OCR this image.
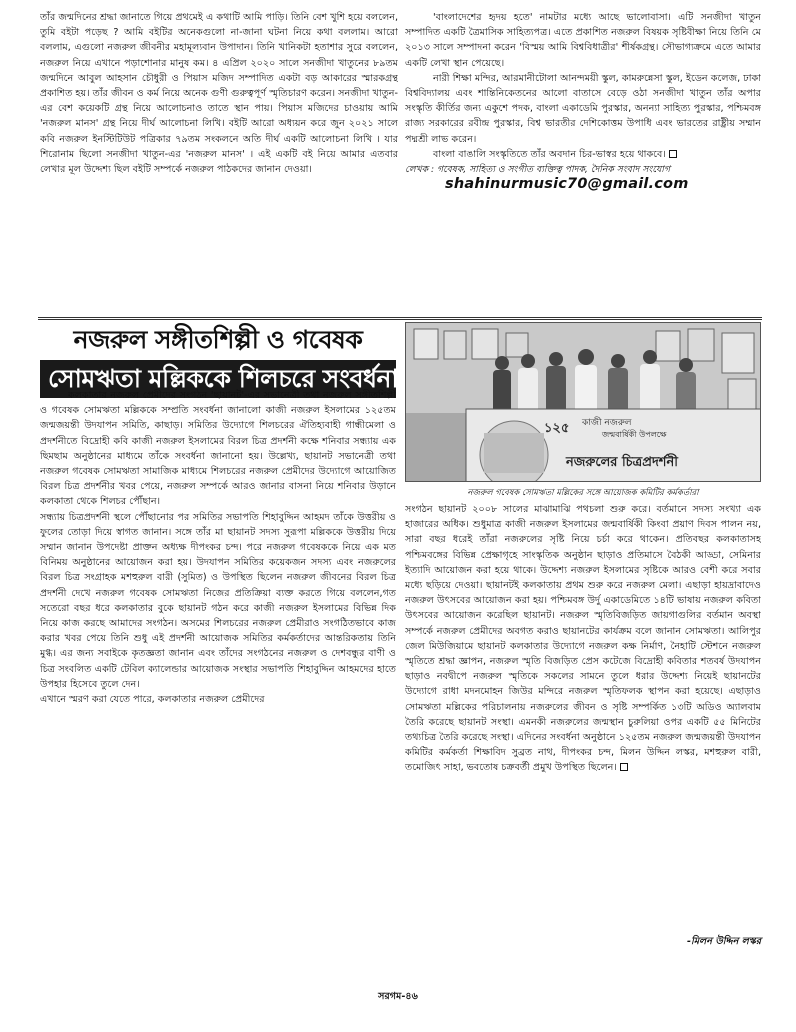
তাঁর জন্মদিনের শ্রদ্ধা জানাতে গিয়ে প্রথমেই এ কথাটি আমি পাড়ি। তিনি বেশ খুশি হয়ে বললেন, তুমি বইটা পড়েছ ? আমি বইটির অনেকগুলো না-জানা ঘটনা নিয়ে কথা বললাম। আরো বললাম, এগুলো নজরুল জীবনীর মহামূল্যবান উপাদান। তিনি খানিকটা হতাশার সুরে বললেন, নজরুল নিয়ে এখানে পড়াশোনার মানুষ কম। ৪ এপ্রিল ২০২০ সালে সনজীদা খাতুনের ৮৯তম জন্মদিনে আবুল আহসান চৌধুরী ও পিয়াস মজিদ সম্পাদিত একটা বড় আকারের স্মারকগ্রন্থ প্রকাশিত হয়। তাঁর জীবন ও কর্ম নিয়ে অনেক গুণী গুরুত্বপূর্ণ স্মৃতিচারণ করেন। সনজীদা খাতুন-এর বেশ কয়েকটি গ্রন্থ নিয়ে আলোচনাও তাতে স্থান পায়। পিয়াস মজিদের চাওয়ায় আমি 'নজরুল মানস' গ্রন্থ নিয়ে দীর্ঘ আলোচনা লিখি। বইটি আরো অধ্যয়ন করে জুন ২০২১ সালে কবি নজরুল ইনস্টিটিউট পত্রিকার ৭৯তম সংকলনে অতি দীর্ঘ একটি আলোচনা লিখি । যার শিরোনাম ছিলো সনজীদা খাতুন-এর 'নজরুল মানস' । এই একটি বই নিয়ে আমার এতবার লেখার মূল উদ্দেশ্য ছিল বইটি সম্পর্কে নজরুল পাঠকদের জানান দেওয়া।

'বাংলাদেশের হৃদয় হতে' নামটার মধ্যে আছে ভালোবাসা। এটি সনজীদা খাতুন সম্পাদিত একটি ত্রৈমাসিক সাহিত্যপত্র। এতে প্রকাশিত নজরুল বিষয়ক সৃষ্টিবীক্ষা নিয়ে তিনি মে ২০১৩ সালে সম্পাদনা করেন 'বিস্ময় আমি বিশ্ববিধাত্রীর' শীর্ষকগ্রন্থ। সৌভাগ্যক্রমে এতে আমার একটি লেখা স্থান পেয়েছে।

নারী শিক্ষা মন্দির, আরমানীটোলা আনন্দময়ী স্কুল, কামরুন্নেসা স্কুল, ইডেন কলেজ, ঢাকা বিশ্ববিদ্যালয় এবং শান্তিনিকেতনের আলো বাতাসে বেড়ে ওঠা সনজীদা খাতুন তাঁর অপার সংস্কৃতি কীর্তির জন্য একুশে পদক, বাংলা একাডেমি পুরস্কার, অনন্যা সাহিত্য পুরস্কার, পশ্চিমবঙ্গ রাজ্য সরকারের রবীন্দ্র পুরস্কার, বিশ্ব ভারতীর দেশিকোত্তম উপাধি এবং ভারতের রাষ্ট্রীয় সম্মান পদ্মশ্রী লাভ করেন।

বাংলা বাঙালি সংস্কৃতিতে তাঁর অবদান চির-ভাস্বর হয়ে থাকবে।

লেখক : গবেষক, সাহিত্য ও সংগীত ব্যক্তিত্ব পাদক, দৈনিক সংবাদ সংযোগ

shahinurmusic70@gmail.com

নজরুল সঙ্গীতশিল্পী ও গবেষক
সোমঋতা মল্লিককে শিলচরে সংবর্ধনা
১২৫ কাজী নজরুল
জন্মবার্ষিকী উপলক্ষে
নজরুলের চিত্রপ্রদর্শনী
নজরুল গবেষক সোমঋতা মল্লিকের সঙ্গে আয়োজক কমিটির কর্মকর্তারা

কলকাতার নজরুল প্রেমীদের সংগঠন 'ছায়ানট'-এর সভানেত্রী তথা নজরুল সঙ্গীতশিল্পী ও গবেষক সোমঋতা মল্লিককে সম্প্রতি সংবর্ধনা জানালো কাজী নজরুল ইসলামের ১২৫তম জন্মজয়ন্তী উদযাপন সমিতি, কাছাড়। সমিতির উদ্যোগে শিলচরের ঐতিহ্যবাহী গান্ধীমেলা ও প্রদর্শনীতে বিদ্রোহী কবি কাজী নজরুল ইসলামের বিরল চিত্র প্রদর্শনী কক্ষে শনিবার সন্ধ্যায় এক ছিমছাম অনুষ্ঠানের মাধ্যমে তাঁকে সংবর্ধনা জানানো হয়। উল্লেখ্য, ছায়ানট সভানেত্রী তথা নজরুল গবেষক সোমঋতা সামাজিক মাধ্যমে শিলচরের নজরুল প্রেমীদের উদ্যোগে আয়োজিত বিরল চিত্র প্রদর্শনীর খবর পেয়ে, নজরুল সম্পর্কে আরও জানার বাসনা নিয়ে শনিবার উড়ানে কলকাতা থেকে শিলচর পৌঁছান।

সন্ধ্যায় চিত্রপ্রদর্শনী স্থলে পৌঁছানোর পর সমিতির সভাপতি শিহাবুদ্দিন আহমদ তাঁকে উত্তরীয় ও ফুলের তোড়া দিয়ে স্বাগত জানান। সঙ্গে তাঁর মা ছায়ানট সদস্য সুরূপা মল্লিককে উত্তরীয় দিয়ে সম্মান জানান উপদেষ্টা প্রাক্তন অধ্যক্ষ দীপংকর চন্দ। পরে নজরুল গবেষককে নিয়ে এক মত বিনিময় অনুষ্ঠানের আয়োজন করা হয়। উদযাপন সমিতির কয়েকজন সদস্য এবং নজরুলের বিরল চিত্র সংগ্রাহক মশহুরুল বারী (সুমিত) ও উপস্থিত ছিলেন নজরুল জীবনের বিরল চিত্র প্রদর্শনী দেখে নজরুল গবেষক সোমঋতা নিজের প্রতিক্রিয়া ব্যক্ত করতে গিয়ে বললেন,গত সতেরো বছর ধরে কলকাতার বুকে ছায়ানট গঠন করে কাজী নজরুল ইসলামের বিভিন্ন দিক নিয়ে কাজ করছে আমাদের সংগঠন। অসমের শিলচরের নজরুল প্রেমীরাও সংগঠিতভাবে কাজ করার খবর পেয়ে তিনি শুধু এই প্রদর্শনী আয়োজক সমিতির কর্মকর্তাদের আন্তরিকতায় তিনি মুগ্ধ। এর জন্য সবাইকে কৃতজ্ঞতা জানান এবং তাঁদের সংগঠনের নজরুল ও দেশবন্ধুর বাণী ও চিত্র সংবলিত একটি টেবিল ক্যালেন্ডার আয়োজক সংস্থার সভাপতি শিহাবুদ্দিন আহমদের হাতে উপহার হিসেবে তুলে দেন।

এখানে স্মরণ করা যেতে পারে, কলকাতার নজরুল প্রেমীদের

সংগঠন ছায়ানট ২০০৮ সালের মাঝামাঝি পথচলা শুরু করে। বর্তমানে সদস্য সংখ্যা এক হাজারের অধিক। শুধুমাত্র কাজী নজরুল ইসলামের জন্মবার্ষিকী কিংবা প্রয়াণ দিবস পালন নয়, সারা বছর ধরেই তাঁরা নজরুলের সৃষ্টি নিয়ে চর্চা করে থাকেন। প্রতিবছর কলকাতাসহ পশ্চিমবঙ্গের বিভিন্ন প্রেক্ষাগৃহে সাংস্কৃতিক অনুষ্ঠান ছাড়াও প্রতিমাসে বৈঠকী আড্ডা, সেমিনার ইত্যাদি আয়োজন করা হয়ে থাকে। উদ্দেশ্য নজরুল ইসলামের সৃষ্টিকে আরও বেশী করে সবার মধ্যে ছড়িয়ে দেওয়া। ছায়ানটই কলকাতায় প্রথম শুরু করে নজরুল মেলা। এছাড়া হায়দ্রাবাদেও নজরুল উৎসবের আয়োজন করা হয়। পশ্চিমবঙ্গ উর্দু একাডেমিতে ১৪টি ভাষায় নজরুল কবিতা উৎসবের আয়োজন করেছিল ছায়ানট। নজরুল স্মৃতিবিজড়িত জায়গাগুলির বর্তমান অবস্থা সম্পর্কে নজরুল প্রেমীদের অবগত করাও ছায়ানটের কার্যক্রম বলে জানান সোমঋতা। আলিপুর জেল মিউজিয়ামে ছায়ানট কলকাতার উদ্যোগে নজরুল কক্ষ নির্মাণ, নৈহাটি স্টেশনে নজরুল স্মৃতিতে শ্রদ্ধা জ্ঞাপন, নজরুল স্মৃতি বিজড়িত প্রেস কটেজে বিদ্রোহী কবিতার শতবর্ষ উদযাপন ছাড়াও নবদ্বীপে নজরুল স্মৃতিকে সকলের সামনে তুলে ধরার উদ্দেশ্য নিয়েই ছায়ানটের উদ্যোগে রাধা মদনমোহন জিউর মন্দিরে নজরুল স্মৃতিফলক স্থাপন করা হয়েছে। এছাড়াও সোমঋতা মল্লিকের পরিচালনায় নজরুলের জীবন ও সৃষ্টি সম্পর্কিত ১৩টি অডিও অ্যালবাম তৈরি করেছে ছায়ানট সংস্থা। এমনকী নজরুলের জন্মস্থান চুরুলিয়া ওপর একটি ৫৫ মিনিটের তথ্যচিত্র তৈরি করেছে সংস্থা। এদিনের সংবর্ধনা অনুষ্ঠানে ১২৫তম নজরুল জন্মজয়ন্তী উদযাপন কমিটির কর্মকর্তা শিক্ষাবিদ সুব্রত নাথ, দীপংকর চন্দ, মিলন উদ্দিন লস্কর, মশহুরুল বারী, তমোজিৎ সাহা, ভবতোষ চক্রবর্তী প্রমুখ উপস্থিত ছিলেন।

-মিলন উদ্দিন লস্কর
সরগম-৪৬
